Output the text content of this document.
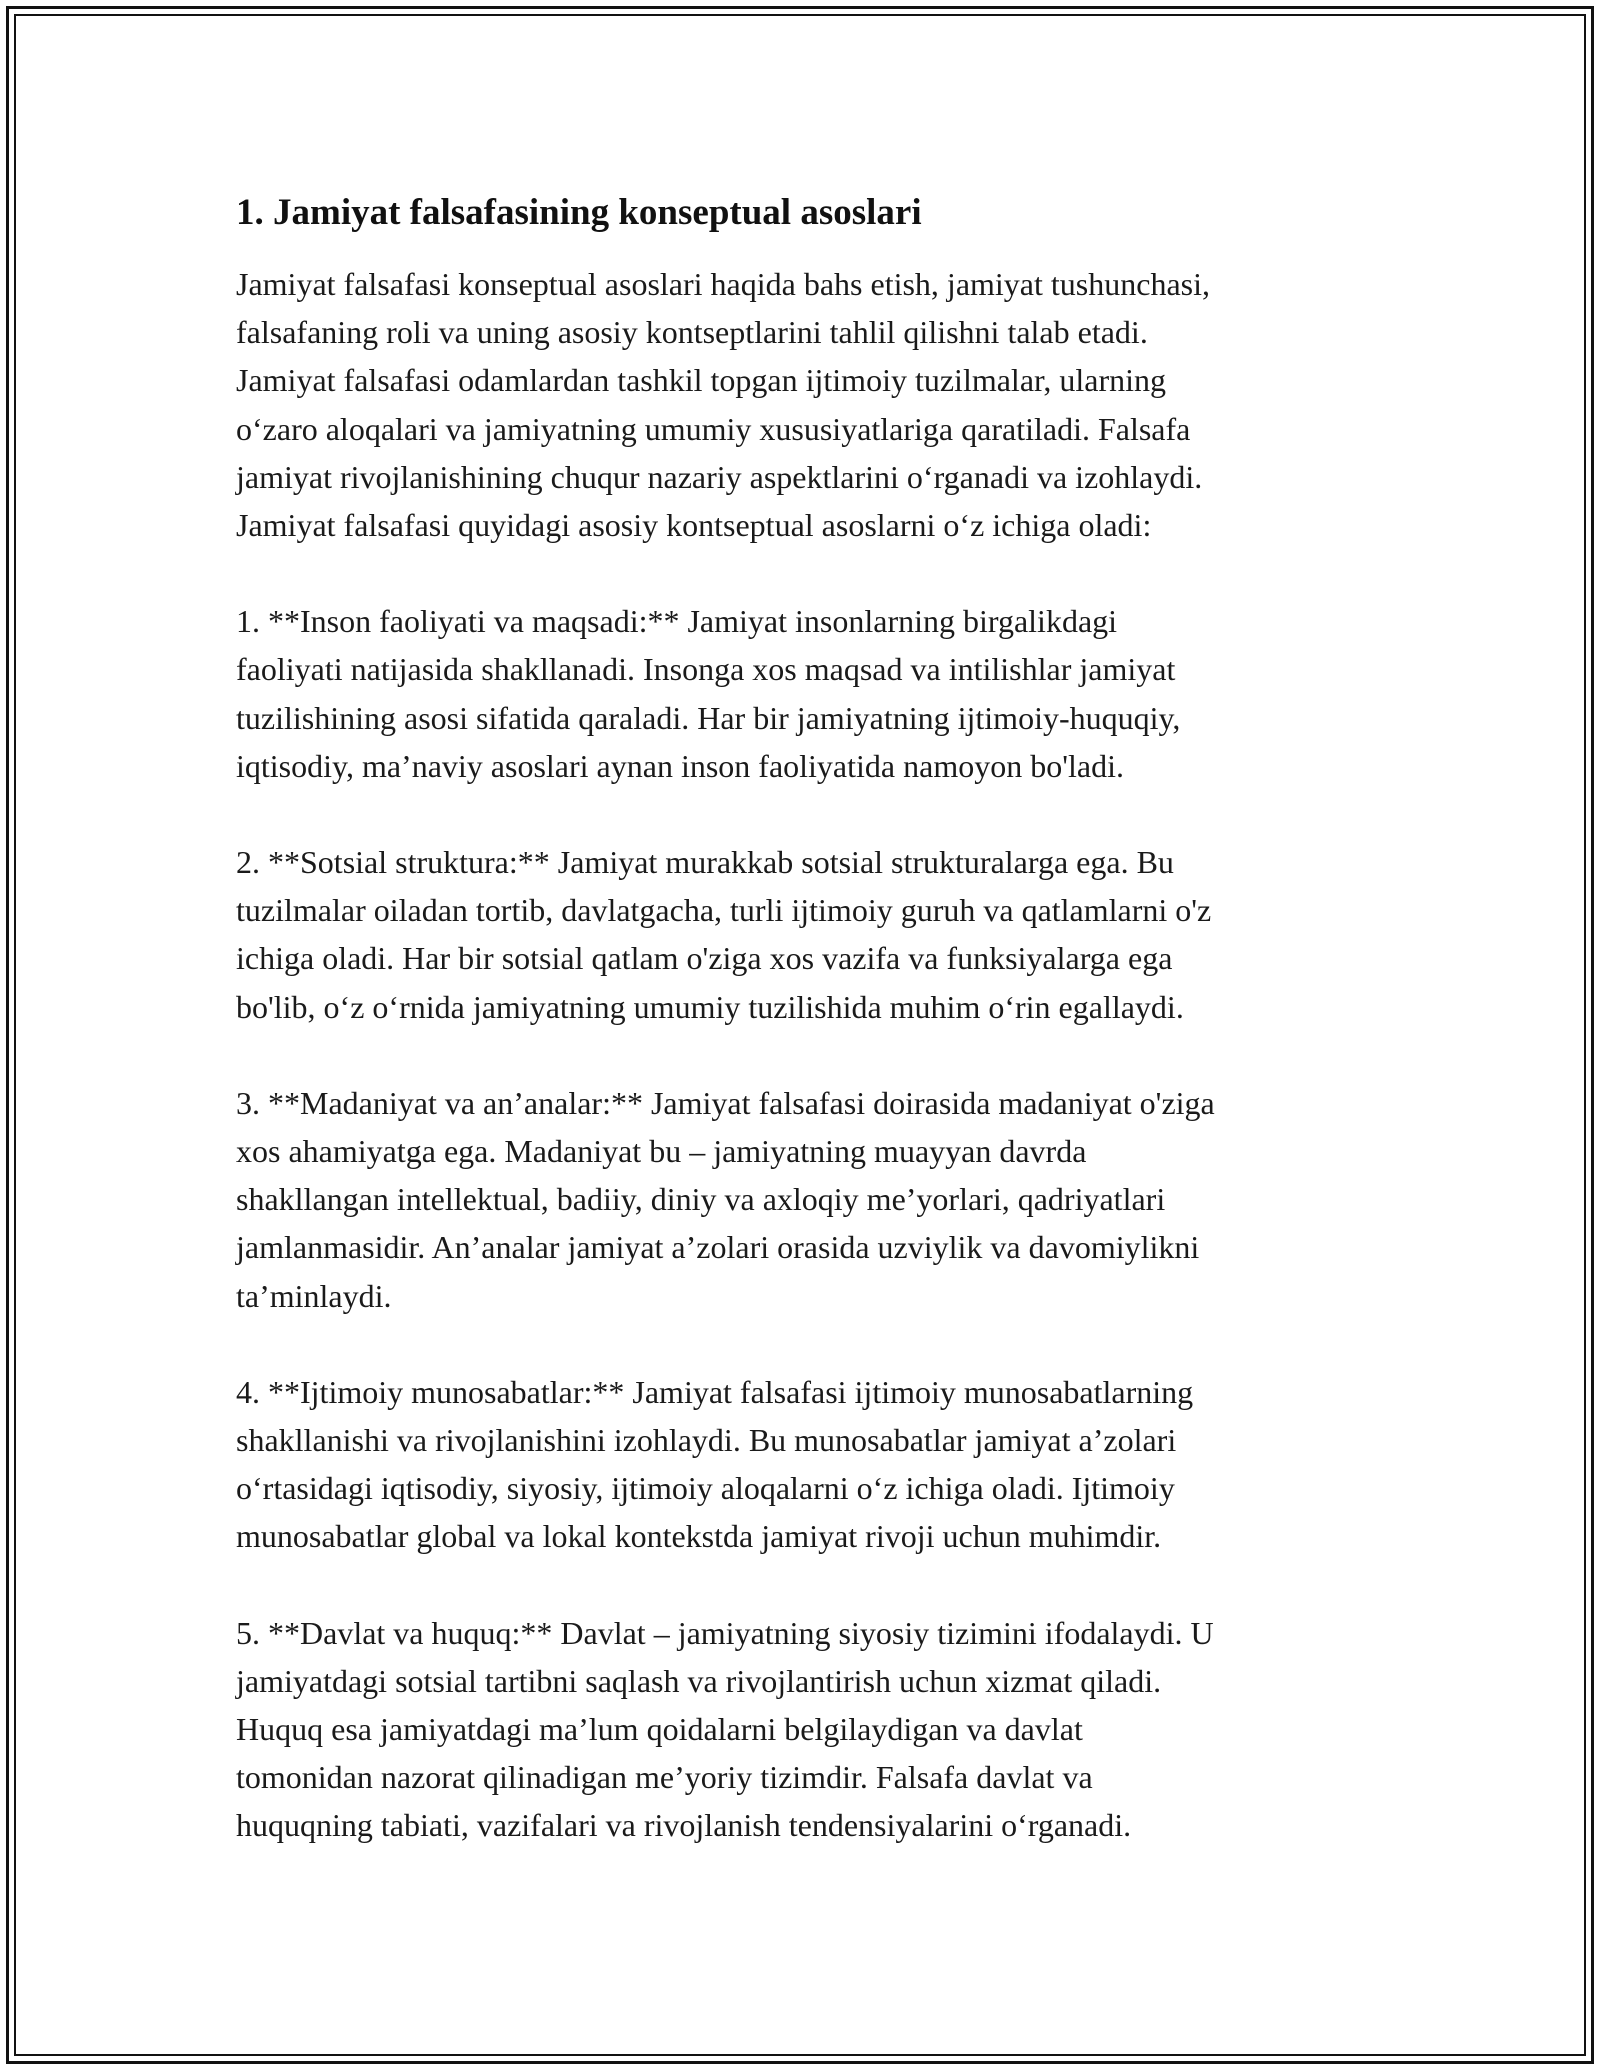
1. Jamiyat falsafasining konseptual asoslari

Jamiyat falsafasi konseptual asoslari haqida bahs etish, jamiyat tushunchasi,
falsafaning roli va uning asosiy kontseptlarini tahlil qilishni talab etadi.
Jamiyat falsafasi odamlardan tashkil topgan ijtimoiy tuzilmalar, ularning
o‘zaro aloqalari va jamiyatning umumiy xususiyatlariga qaratiladi. Falsafa
jamiyat rivojlanishining chuqur nazariy aspektlarini o‘rganadi va izohlaydi.
Jamiyat falsafasi quyidagi asosiy kontseptual asoslarni o‘z ichiga oladi:

1. **Inson faoliyati va maqsadi:** Jamiyat insonlarning birgalikdagi
faoliyati natijasida shakllanadi. Insonga xos maqsad va intilishlar jamiyat
tuzilishining asosi sifatida qaraladi. Har bir jamiyatning ijtimoiy-huquqiy,
iqtisodiy, ma’naviy asoslari aynan inson faoliyatida namoyon bo'ladi.

2. **Sotsial struktura:** Jamiyat murakkab sotsial strukturalarga ega. Bu
tuzilmalar oiladan tortib, davlatgacha, turli ijtimoiy guruh va qatlamlarni o'z
ichiga oladi. Har bir sotsial qatlam o'ziga xos vazifa va funksiyalarga ega
bo'lib, o‘z o‘rnida jamiyatning umumiy tuzilishida muhim o‘rin egallaydi.

3. **Madaniyat va an’analar:** Jamiyat falsafasi doirasida madaniyat o'ziga
xos ahamiyatga ega. Madaniyat bu – jamiyatning muayyan davrda
shakllangan intellektual, badiiy, diniy va axloqiy me’yorlari, qadriyatlari
jamlanmasidir. An’analar jamiyat a’zolari orasida uzviylik va davomiylikni
ta’minlaydi.

4. **Ijtimoiy munosabatlar:** Jamiyat falsafasi ijtimoiy munosabatlarning
shakllanishi va rivojlanishini izohlaydi. Bu munosabatlar jamiyat a’zolari
o‘rtasidagi iqtisodiy, siyosiy, ijtimoiy aloqalarni o‘z ichiga oladi. Ijtimoiy
munosabatlar global va lokal kontekstda jamiyat rivoji uchun muhimdir.

5. **Davlat va huquq:** Davlat – jamiyatning siyosiy tizimini ifodalaydi. U
jamiyatdagi sotsial tartibni saqlash va rivojlantirish uchun xizmat qiladi.
Huquq esa jamiyatdagi ma’lum qoidalarni belgilaydigan va davlat
tomonidan nazorat qilinadigan me’yoriy tizimdir. Falsafa davlat va
huquqning tabiati, vazifalari va rivojlanish tendensiyalarini o‘rganadi.
